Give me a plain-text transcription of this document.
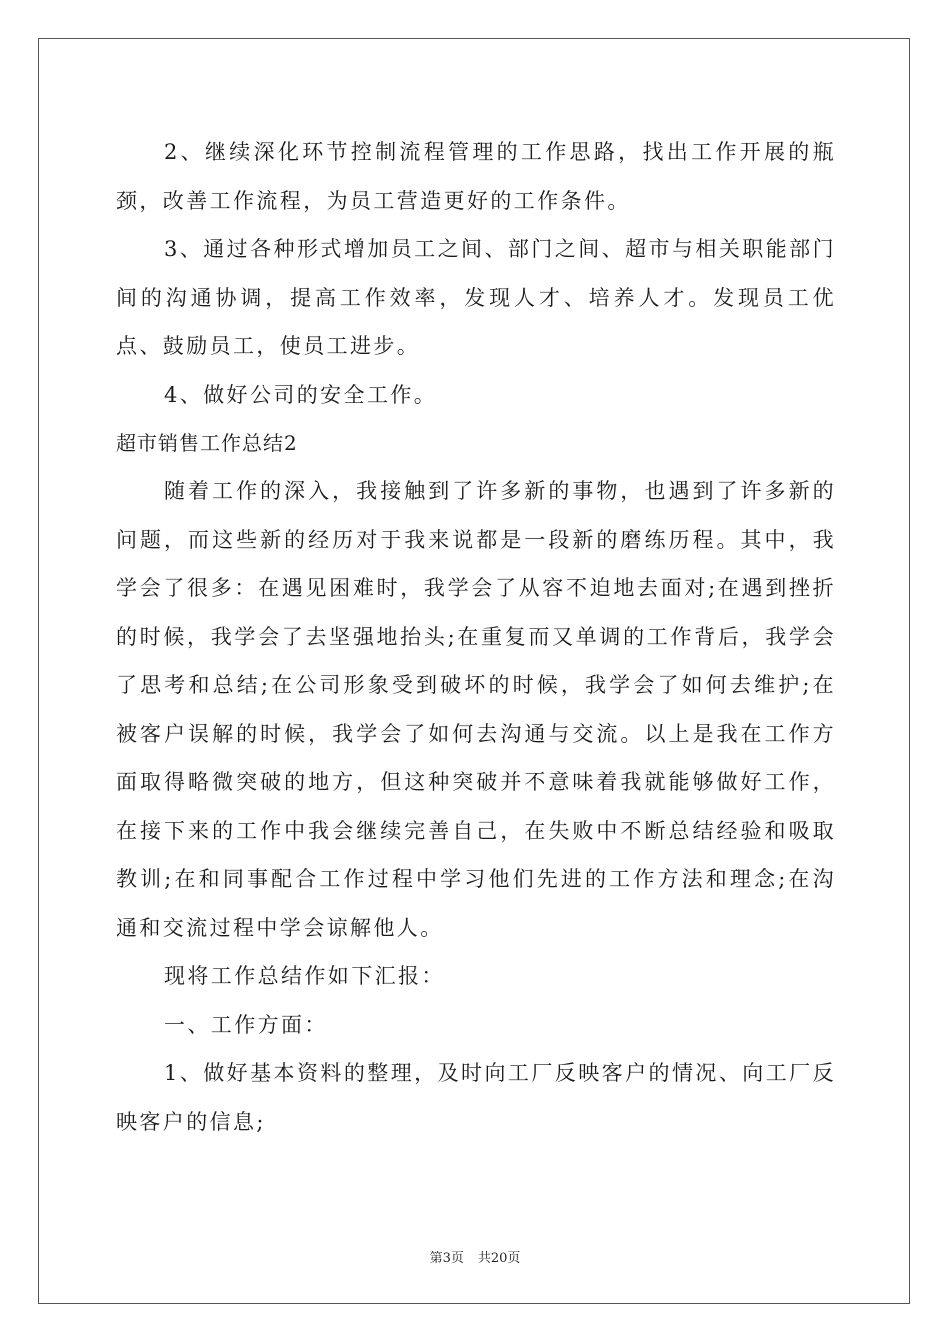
2、继续深化环节控制流程管理的工作思路，找出工作开展的瓶颈，改善工作流程，为员工营造更好的工作条件。

3、通过各种形式增加员工之间、部门之间、超市与相关职能部门间的沟通协调，提高工作效率，发现人才、培养人才。发现员工优点、鼓励员工，使员工进步。

4、做好公司的安全工作。

超市销售工作总结2

随着工作的深入，我接触到了许多新的事物，也遇到了许多新的问题，而这些新的经历对于我来说都是一段新的磨练历程。其中，我学会了很多：在遇见困难时，我学会了从容不迫地去面对;在遇到挫折的时候，我学会了去坚强地抬头;在重复而又单调的工作背后，我学会了思考和总结;在公司形象受到破坏的时候，我学会了如何去维护;在被客户误解的时候，我学会了如何去沟通与交流。以上是我在工作方面取得略微突破的地方，但这种突破并不意味着我就能够做好工作，在接下来的工作中我会继续完善自己，在失败中不断总结经验和吸取教训;在和同事配合工作过程中学习他们先进的工作方法和理念;在沟通和交流过程中学会谅解他人。

现将工作总结作如下汇报：

一、工作方面：

1、做好基本资料的整理，及时向工厂反映客户的情况、向工厂反映客户的信息;

第3页 共20页
